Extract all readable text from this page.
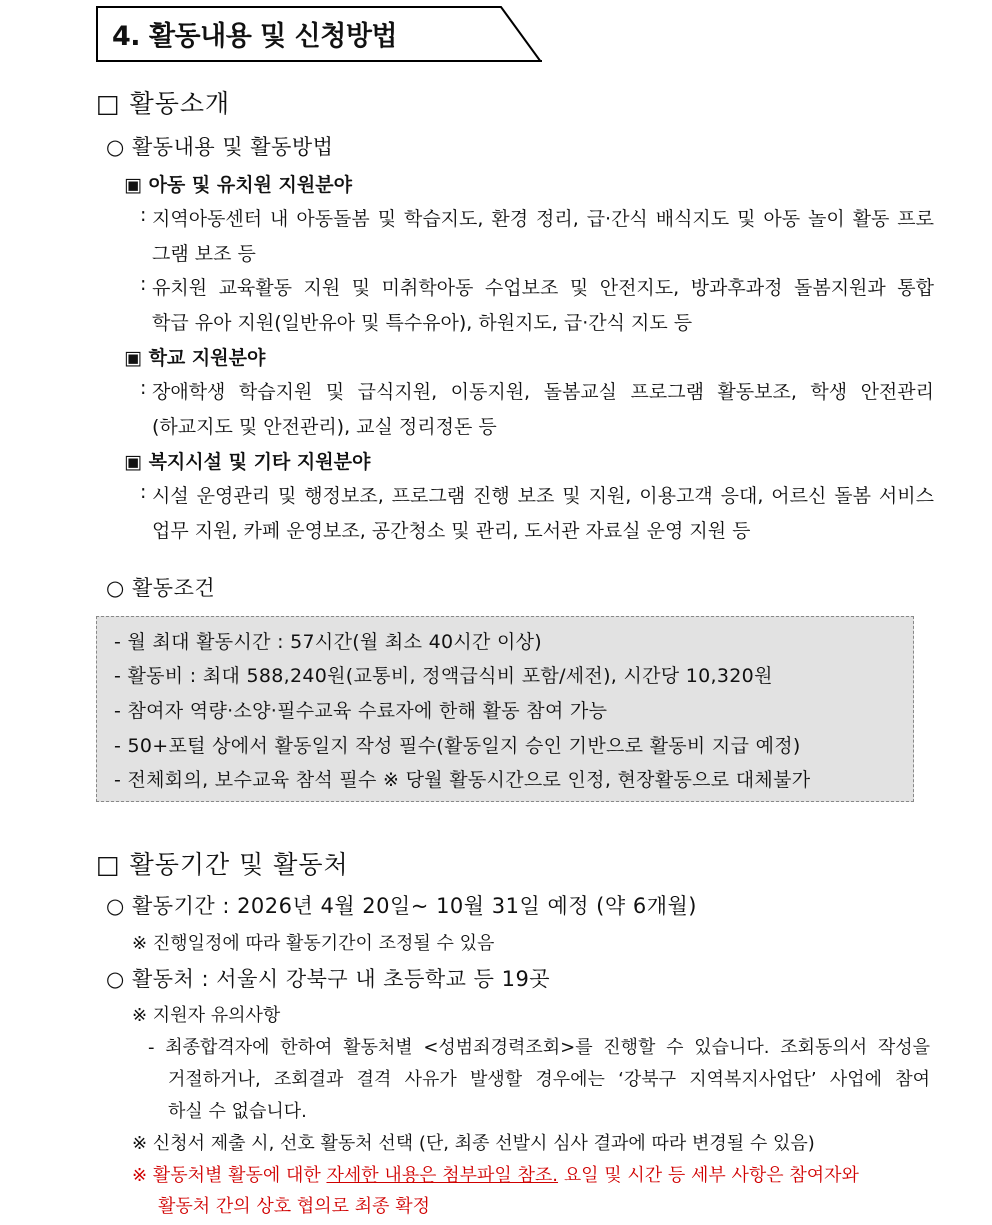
4. 활동내용 및 신청방법
□ 활동소개
○ 활동내용 및 활동방법
▣ 아동 및 유치원 지원분야
: 지역아동센터 내 아동돌봄 및 학습지도, 환경 정리, 급·간식 배식지도 및 아동 놀이 활동 프로
그램 보조 등
: 유치원 교육활동 지원 및 미취학아동 수업보조 및 안전지도, 방과후과정 돌봄지원과 통합
학급 유아 지원(일반유아 및 특수유아), 하원지도, 급·간식 지도 등
▣ 학교 지원분야
: 장애학생 학습지원 및 급식지원, 이동지원, 돌봄교실 프로그램 활동보조, 학생 안전관리
(하교지도 및 안전관리), 교실 정리정돈 등
▣ 복지시설 및 기타 지원분야
: 시설 운영관리 및 행정보조, 프로그램 진행 보조 및 지원, 이용고객 응대, 어르신 돌봄 서비스
업무 지원, 카페 운영보조, 공간청소 및 관리, 도서관 자료실 운영 지원 등
○ 활동조건
- 월 최대 활동시간 : 57시간(월 최소 40시간 이상)
- 활동비 : 최대 588,240원(교통비, 정액급식비 포함/세전), 시간당 10,320원
- 참여자 역량·소양·필수교육 수료자에 한해 활동 참여 가능
- 50+포털 상에서 활동일지 작성 필수(활동일지 승인 기반으로 활동비 지급 예정)
- 전체회의, 보수교육 참석 필수 ※ 당월 활동시간으로 인정, 현장활동으로 대체불가
□ 활동기간 및 활동처
○ 활동기간 : 2026년 4월 20일~ 10월 31일 예정 (약 6개월)
※ 진행일정에 따라 활동기간이 조정될 수 있음
○ 활동처 : 서울시 강북구 내 초등학교 등 19곳
※ 지원자 유의사항
- 최종합격자에 한하여 활동처별 <성범죄경력조회>를 진행할 수 있습니다. 조회동의서 작성을
거절하거나, 조회결과 결격 사유가 발생할 경우에는 ‘강북구 지역복지사업단’ 사업에 참여
하실 수 없습니다.
※ 신청서 제출 시, 선호 활동처 선택 (단, 최종 선발시 심사 결과에 따라 변경될 수 있음)
※ 활동처별 활동에 대한 자세한 내용은 첨부파일 참조. 요일 및 시간 등 세부 사항은 참여자와
활동처 간의 상호 협의로 최종 확정
